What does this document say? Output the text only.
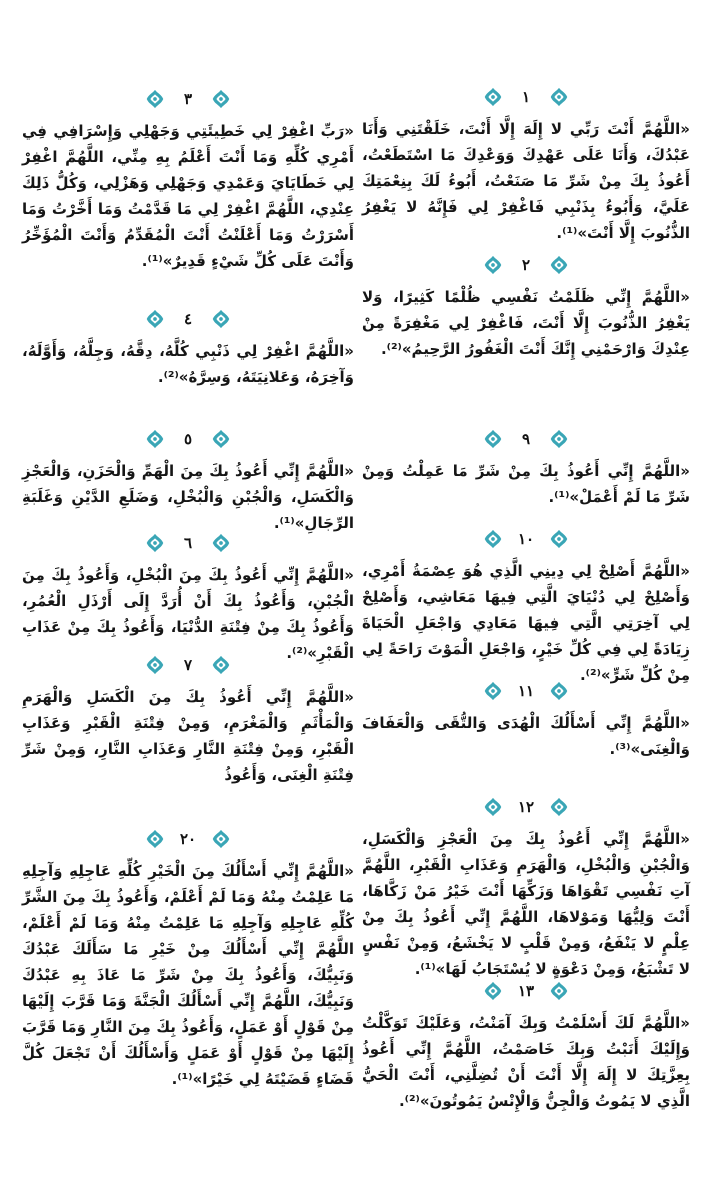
١

«اللَّهُمَّ أَنْتَ رَبِّي لا إِلَهَ إِلَّا أَنْتَ، خَلَقْتَنِي وَأَنَا عَبْدُكَ، وَأَنَا عَلَى عَهْدِكَ وَوَعْدِكَ مَا اسْتَطَعْتُ، أَعُوذُ بِكَ مِنْ شَرِّ مَا صَنَعْتُ، أَبُوءُ لَكَ بِنِعْمَتِكَ عَلَيَّ، وَأَبُوءُ بِذَنْبِي فَاغْفِرْ لِي فَإِنَّهُ لا يَغْفِرُ الذُّنُوبَ إِلَّا أَنْتَ»⁽¹⁾.

٢

«اللَّهُمَّ إِنِّي ظَلَمْتُ نَفْسِي ظُلْمًا كَثِيرًا، وَلا يَغْفِرُ الذُّنُوبَ إِلَّا أَنْتَ، فَاغْفِرْ لِي مَغْفِرَةً مِنْ عِنْدِكَ وَارْحَمْنِي إِنَّكَ أَنْتَ الْغَفُورُ الرَّحِيمُ»⁽²⁾.

٩

«اللَّهُمَّ إِنِّي أَعُوذُ بِكَ مِنْ شَرِّ مَا عَمِلْتُ وَمِنْ شَرِّ مَا لَمْ أَعْمَلْ»⁽¹⁾.

١٠

«اللَّهُمَّ أَصْلِحْ لِي دِينِي الَّذِي هُوَ عِصْمَةُ أَمْرِي، وَأَصْلِحْ لِي دُنْيَايَ الَّتِي فِيهَا مَعَاشِي، وَأَصْلِحْ لِي آخِرَتِي الَّتِي فِيهَا مَعَادِي وَاجْعَلِ الْحَيَاةَ زِيَادَةً لِي فِي كُلِّ خَيْرٍ، وَاجْعَلِ الْمَوْتَ رَاحَةً لِي مِنْ كُلِّ شَرٍّ»⁽²⁾.

١١

«اللَّهُمَّ إِنِّي أَسْأَلُكَ الْهُدَى وَالتُّقَى وَالْعَفَافَ وَالْغِنَى»⁽³⁾.

١٢

«اللَّهُمَّ إِنِّي أَعُوذُ بِكَ مِنَ الْعَجْزِ وَالْكَسَلِ، وَالْجُبْنِ وَالْبُخْلِ، وَالْهَرَمِ وَعَذَابِ الْقَبْرِ، اللَّهُمَّ آتِ نَفْسِي تَقْوَاهَا وَزَكِّهَا أَنْتَ خَيْرُ مَنْ زَكَّاهَا، أَنْتَ وَلِيُّهَا وَمَوْلاهَا، اللَّهُمَّ إِنِّي أَعُوذُ بِكَ مِنْ عِلْمٍ لا يَنْفَعُ، وَمِنْ قَلْبٍ لا يَخْشَعُ، وَمِنْ نَفْسٍ لا تَشْبَعُ، وَمِنْ دَعْوَةٍ لا يُسْتَجَابُ لَهَا»⁽¹⁾.

١٣

«اللَّهُمَّ لَكَ أَسْلَمْتُ وَبِكَ آمَنْتُ، وَعَلَيْكَ تَوَكَّلْتُ وَإِلَيْكَ أَنَبْتُ وَبِكَ خَاصَمْتُ، اللَّهُمَّ إِنِّي أَعُوذُ بِعِزَّتِكَ لا إِلَهَ إِلَّا أَنْتَ أَنْ تُضِلَّنِي، أَنْتَ الْحَيُّ الَّذِي لا يَمُوتُ وَالْجِنُّ وَالْإِنْسُ يَمُوتُونَ»⁽²⁾.

٣

«رَبِّ اغْفِرْ لِي خَطِيئَتِي وَجَهْلِي وَإِسْرَافِي فِي أَمْرِي كُلِّهِ وَمَا أَنْتَ أَعْلَمُ بِهِ مِنِّي، اللَّهُمَّ اغْفِرْ لِي خَطَايَايَ وَعَمْدِي وَجَهْلِي وَهَزْلِي، وَكُلُّ ذَلِكَ عِنْدِي، اللَّهُمَّ اغْفِرْ لِي مَا قَدَّمْتُ وَمَا أَخَّرْتُ وَمَا أَسْرَرْتُ وَمَا أَعْلَنْتُ أَنْتَ الْمُقَدِّمُ وَأَنْتَ الْمُؤَخِّرُ وَأَنْتَ عَلَى كُلِّ شَيْءٍ قَدِيرٌ»⁽¹⁾.

٤

«اللَّهُمَّ اغْفِرْ لِي ذَنْبِي كُلَّهُ، دِقَّهُ، وَجِلَّهُ، وَأَوَّلَهُ، وَآخِرَهُ، وَعَلانِيَتَهُ، وَسِرَّهُ»⁽²⁾.

٥

«اللَّهُمَّ إِنِّي أَعُوذُ بِكَ مِنَ الْهَمِّ وَالْحَزَنِ، وَالْعَجْزِ وَالْكَسَلِ، وَالْجُبْنِ وَالْبُخْلِ، وَضَلَعِ الدَّيْنِ وَغَلَبَةِ الرِّجَالِ»⁽¹⁾.

٦

«اللَّهُمَّ إِنِّي أَعُوذُ بِكَ مِنَ الْبُخْلِ، وَأَعُوذُ بِكَ مِنَ الْجُبْنِ، وَأَعُوذُ بِكَ أَنْ أُرَدَّ إِلَى أَرْذَلِ الْعُمُرِ، وَأَعُوذُ بِكَ مِنْ فِتْنَةِ الدُّنْيَا، وَأَعُوذُ بِكَ مِنْ عَذَابِ الْقَبْرِ»⁽²⁾.

٧

«اللَّهُمَّ إِنِّي أَعُوذُ بِكَ مِنَ الْكَسَلِ وَالْهَرَمِ وَالْمَأْثَمِ وَالْمَغْرَمِ، وَمِنْ فِتْنَةِ الْقَبْرِ وَعَذَابِ الْقَبْرِ، وَمِنْ فِتْنَةِ النَّارِ وَعَذَابِ النَّارِ، وَمِنْ شَرِّ فِتْنَةِ الْغِنَى، وَأَعُوذُ

٢٠

«اللَّهُمَّ إِنِّي أَسْأَلُكَ مِنَ الْخَيْرِ كُلِّهِ عَاجِلِهِ وَآجِلِهِ مَا عَلِمْتُ مِنْهُ وَمَا لَمْ أَعْلَمْ، وَأَعُوذُ بِكَ مِنَ الشَّرِّ كُلِّهِ عَاجِلِهِ وَآجِلِهِ مَا عَلِمْتُ مِنْهُ وَمَا لَمْ أَعْلَمْ، اللَّهُمَّ إِنِّي أَسْأَلُكَ مِنْ خَيْرِ مَا سَأَلَكَ عَبْدُكَ وَنَبِيُّكَ، وَأَعُوذُ بِكَ مِنْ شَرِّ مَا عَاذَ بِهِ عَبْدُكَ وَنَبِيُّكَ، اللَّهُمَّ إِنِّي أَسْأَلُكَ الْجَنَّةَ وَمَا قَرَّبَ إِلَيْهَا مِنْ قَوْلٍ أَوْ عَمَلٍ، وَأَعُوذُ بِكَ مِنَ النَّارِ وَمَا قَرَّبَ إِلَيْهَا مِنْ قَوْلٍ أَوْ عَمَلٍ وَأَسْأَلُكَ أَنْ تَجْعَلَ كُلَّ قَضَاءٍ قَضَيْتَهُ لِي خَيْرًا»⁽¹⁾.
